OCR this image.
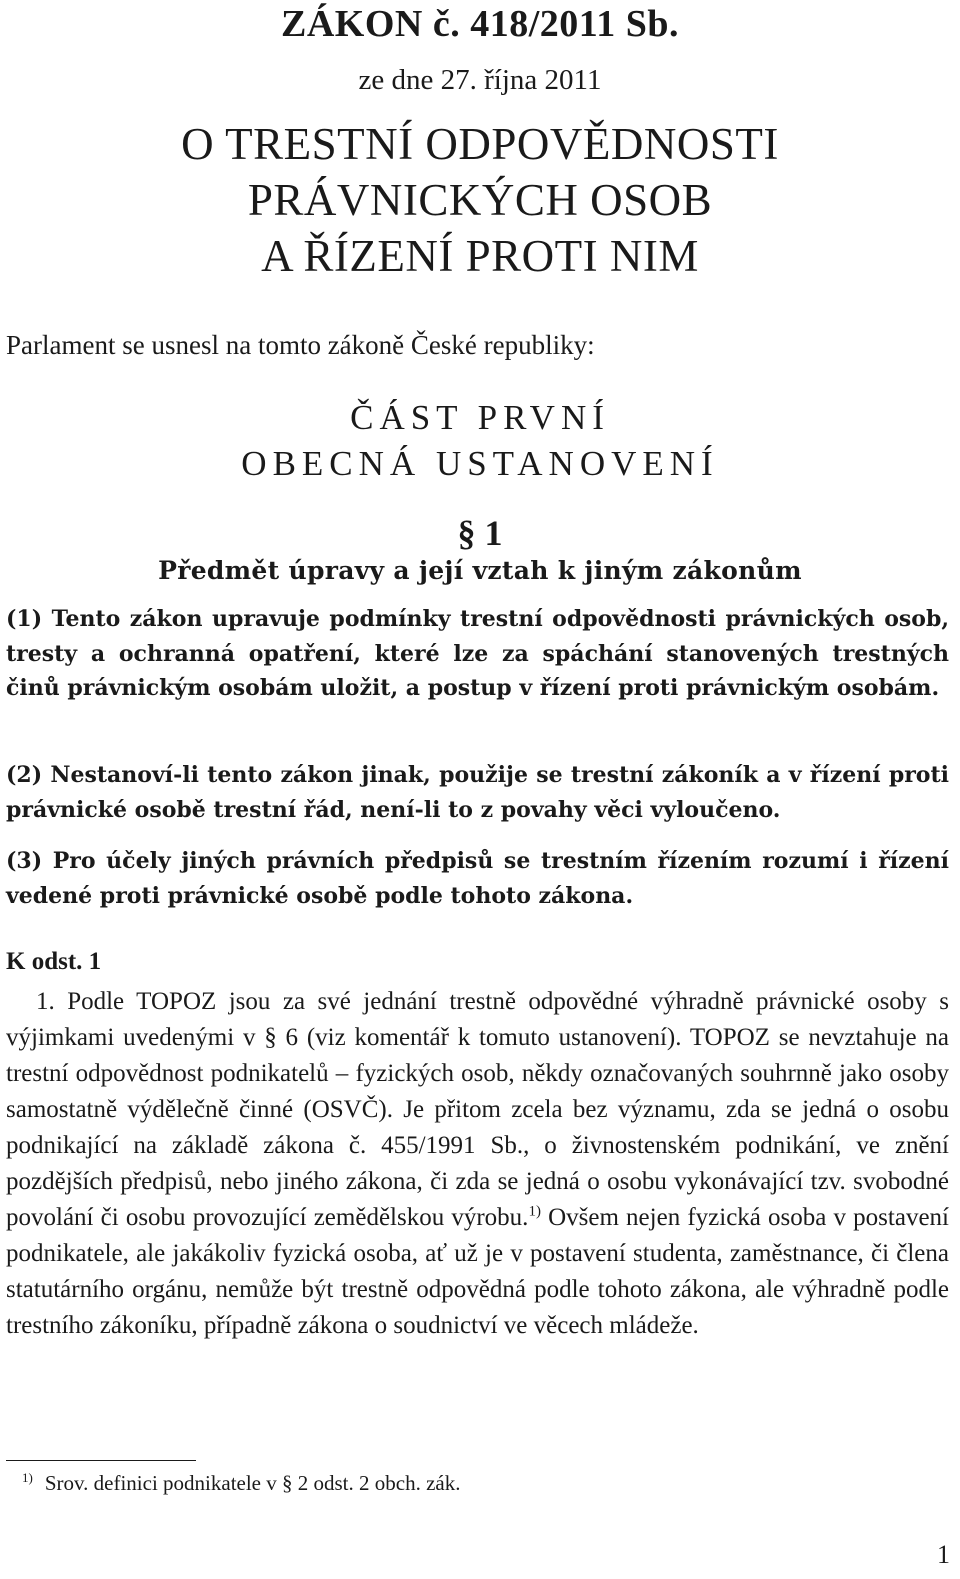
ZÁKON č. 418/2011 Sb.
ze dne 27. října 2011
O TRESTNÍ ODPOVĚDNOSTI
PRÁVNICKÝCH OSOB
A ŘÍZENÍ PROTI NIM
Parlament se usnesl na tomto zákoně České republiky:
ČÁST PRVNÍ
OBECNÁ USTANOVENÍ
§ 1
Předmět úpravy a její vztah k jiným zákonům
(1) Tento zákon upravuje podmínky trestní odpovědnosti právnických osob, tresty a ochranná opatření, které lze za spáchání stanovených trestných činů právnickým osobám uložit, a postup v řízení proti právnickým osobám.
(2) Nestanoví-li tento zákon jinak, použije se trestní zákoník a v řízení proti právnické osobě trestní řád, není-li to z povahy věci vyloučeno.
(3) Pro účely jiných právních předpisů se trestním řízením rozumí i řízení vedené proti právnické osobě podle tohoto zákona.
K odst. 1
1. Podle TOPOZ jsou za své jednání trestně odpovědné výhradně právnické osoby s výjimkami uvedenými v § 6 (viz komentář k tomuto ustanovení). TOPOZ se nevztahuje na trestní odpovědnost podnikatelů – fyzických osob, někdy označovaných souhrnně jako osoby samostatně výdělečně činné (OSVČ). Je přitom zcela bez významu, zda se jedná o osobu podnikající na základě zákona č. 455/1991 Sb., o živnostenském podnikání, ve znění pozdějších předpisů, nebo jiného zákona, či zda se jedná o osobu vykonávající tzv. svobodné povolání či osobu provozující zemědělskou výrobu.$^{1)}$ Ovšem nejen fyzická osoba v postavení podnikatele, ale jakákoliv fyzická osoba, ať už je v postavení studenta, zaměstnance, či člena statutárního orgánu, nemůže být trestně odpovědná podle tohoto zákona, ale výhradně podle trestního zákoníku, případně zákona o soudnictví ve věcech mládeže.
$^{1)}$ Srov. definici podnikatele v § 2 odst. 2 obch. zák.
1
